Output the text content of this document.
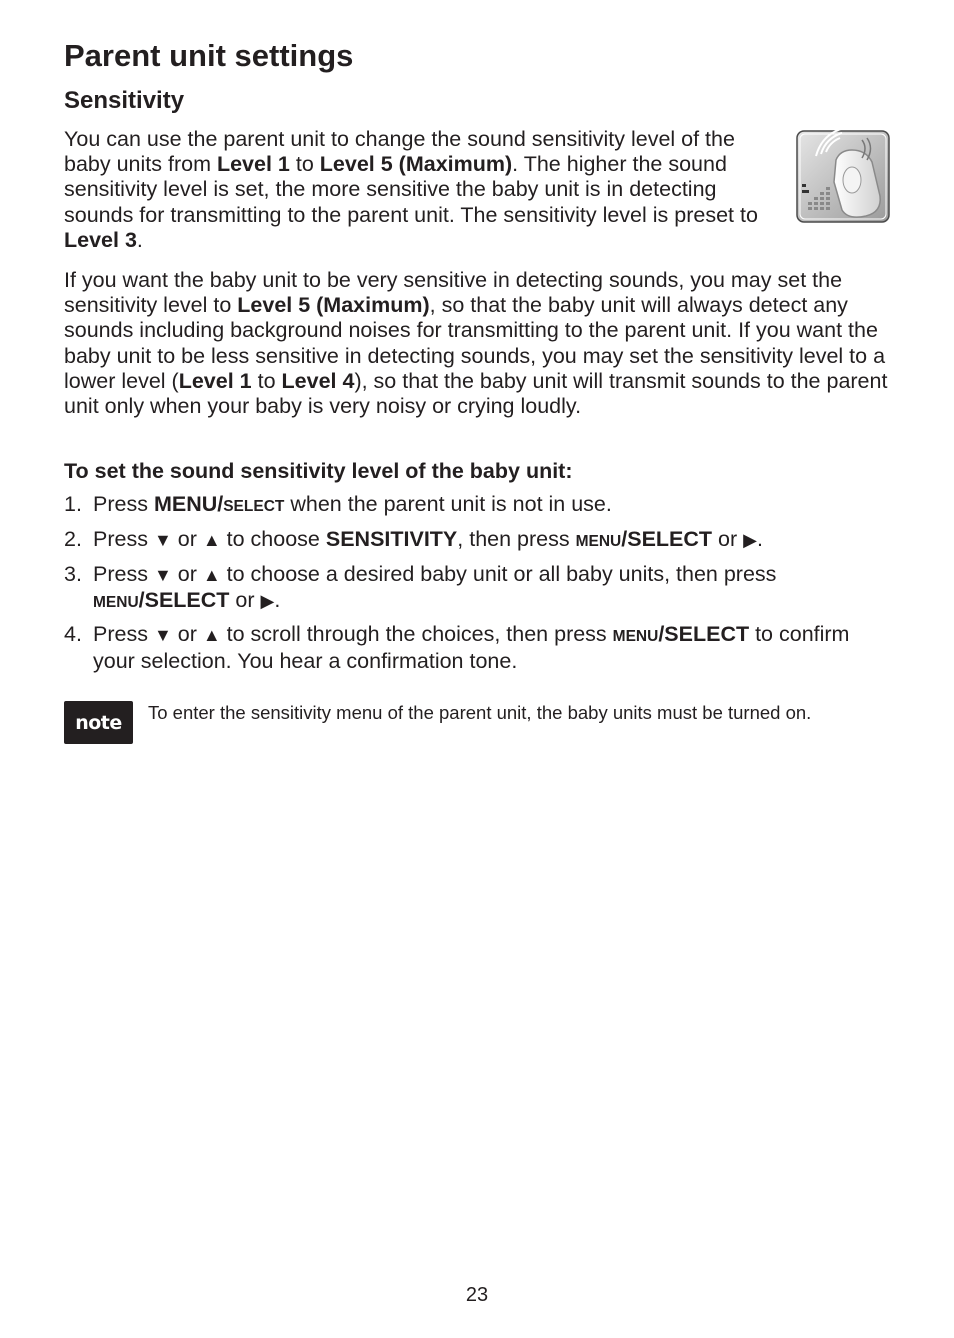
Parent unit settings
Sensitivity

You can use the parent unit to change the sound sensitivity level of the baby units from Level 1 to Level 5 (Maximum). The higher the sound sensitivity level is set, the more sensitive the baby unit is in detecting sounds for transmitting to the parent unit. The sensitivity level is preset to Level 3.

If you want the baby unit to be very sensitive in detecting sounds, you may set the sensitivity level to Level 5 (Maximum), so that the baby unit will always detect any sounds including background noises for transmitting to the parent unit. If you want the baby unit to be less sensitive in detecting sounds, you may set the sensitivity level to a lower level (Level 1 to Level 4), so that the baby unit will transmit sounds to the parent unit only when your baby is very noisy or crying loudly.

To set the sound sensitivity level of the baby unit:

1. Press MENU/SELECT when the parent unit is not in use.
2. Press ▼ or ▲ to choose SENSITIVITY, then press MENU/SELECT or ▶.
3. Press ▼ or ▲ to choose a desired baby unit or all baby units, then press MENU/SELECT or ▶.
4. Press ▼ or ▲ to scroll through the choices, then press MENU/SELECT to confirm your selection. You hear a confirmation tone.
note	To enter the sensitivity menu of the parent unit, the baby units must be turned on.
23
